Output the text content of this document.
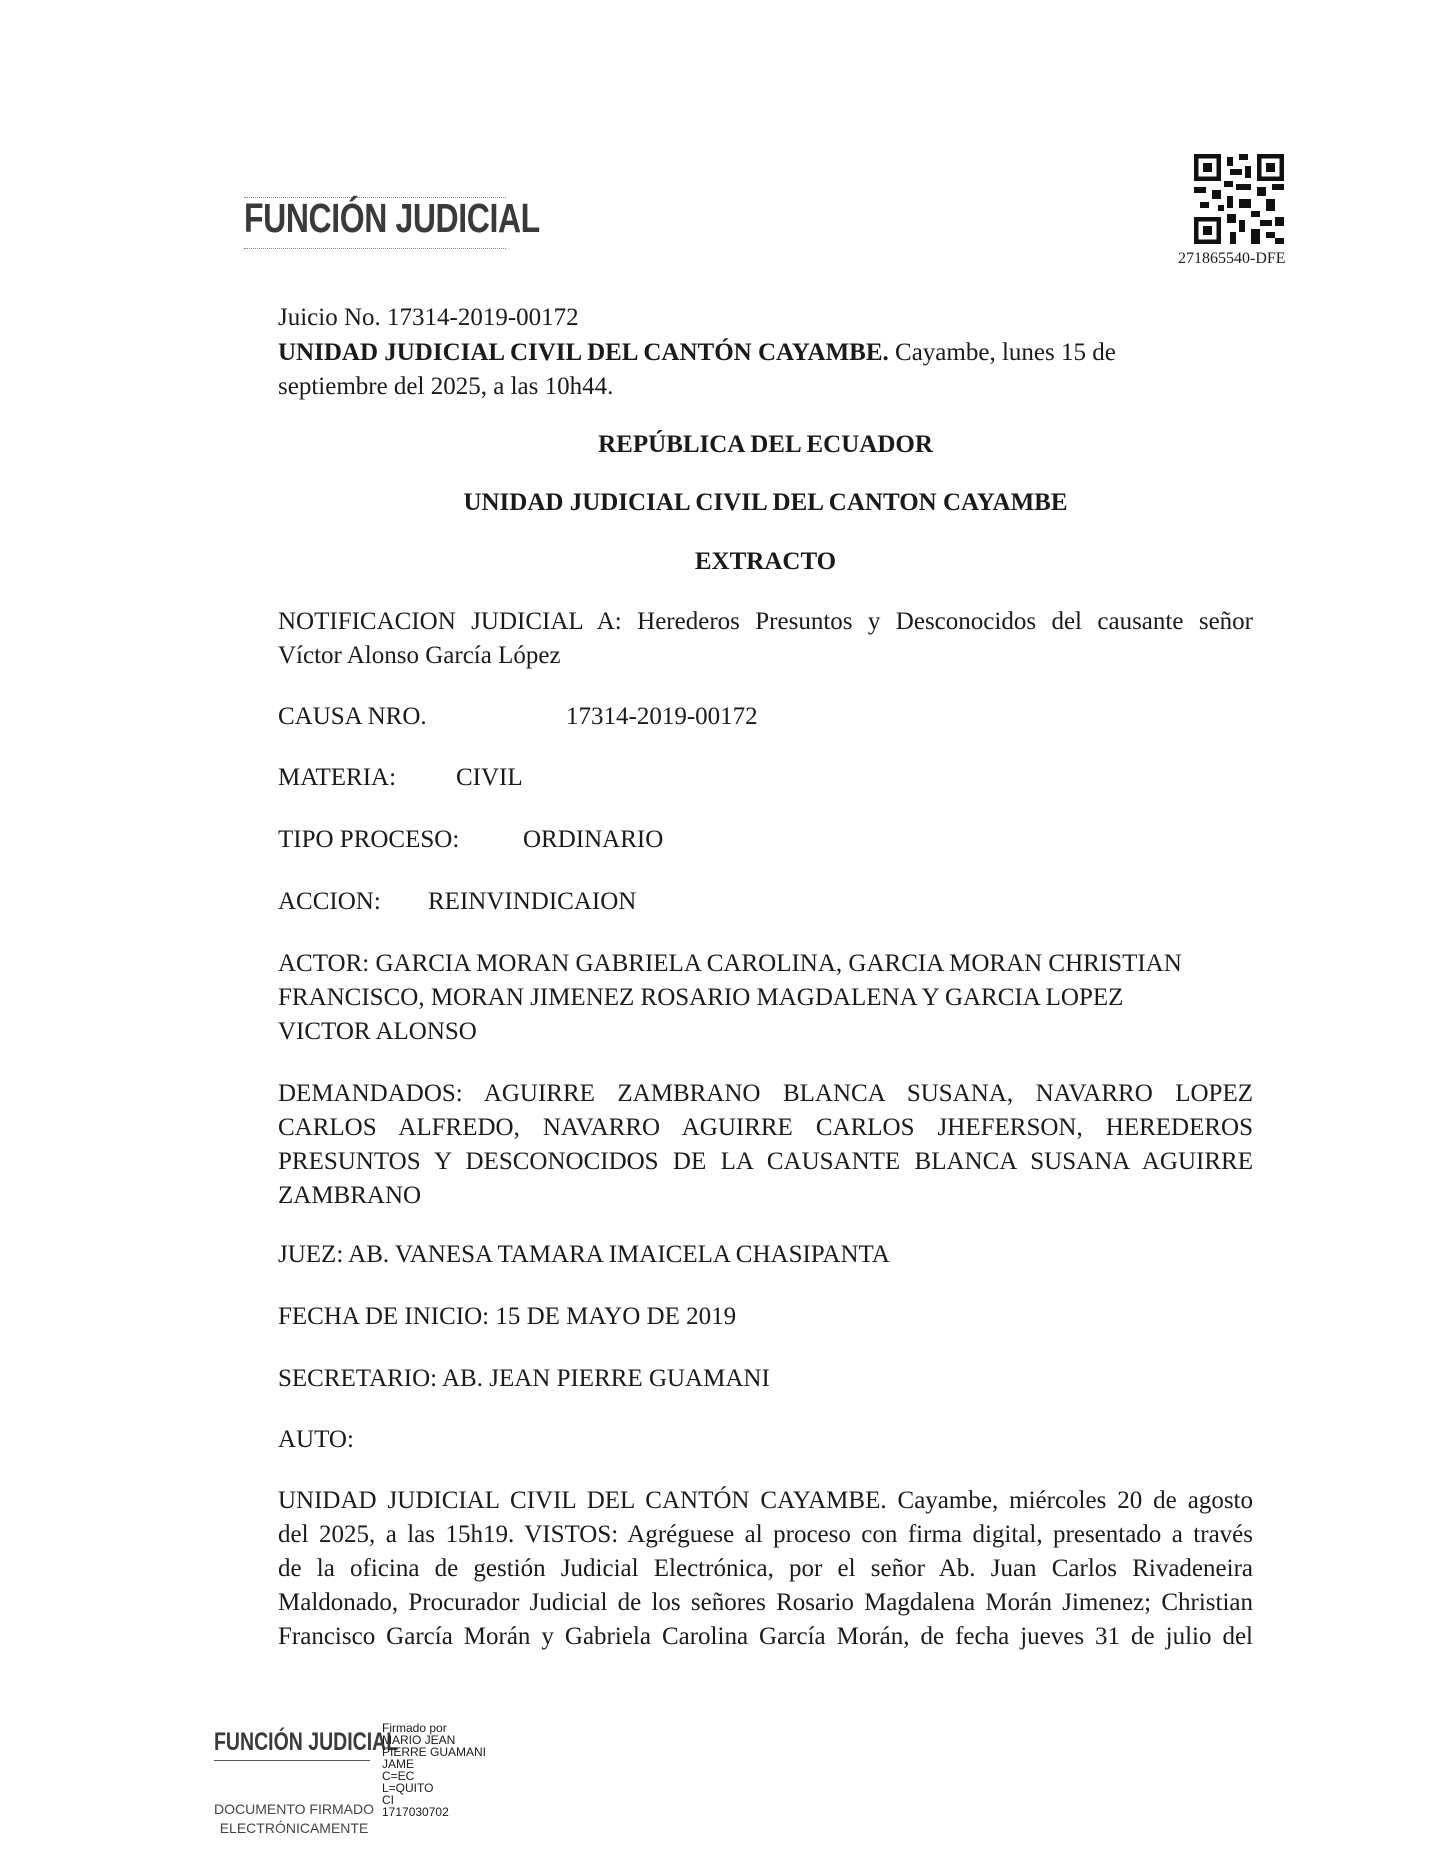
FUNCIÓN JUDICIAL
271865540-DFE
Juicio No. 17314-2019-00172
UNIDAD JUDICIAL CIVIL DEL CANTÓN CAYAMBE. Cayambe, lunes 15 de
septiembre del 2025, a las 10h44.
REPÚBLICA DEL ECUADOR
UNIDAD JUDICIAL CIVIL DEL CANTON CAYAMBE
EXTRACTO
NOTIFICACION JUDICIAL A: Herederos Presuntos y Desconocidos del causante señor
Víctor Alonso García López
CAUSA NRO.	17314-2019-00172
MATERIA: CIVIL
TIPO PROCESO:	ORDINARIO
ACCION: REINVINDICAION
ACTOR: GARCIA MORAN GABRIELA CAROLINA, GARCIA MORAN CHRISTIAN
FRANCISCO, MORAN JIMENEZ ROSARIO MAGDALENA Y GARCIA LOPEZ
VICTOR ALONSO
DEMANDADOS: AGUIRRE ZAMBRANO BLANCA SUSANA, NAVARRO LOPEZ
CARLOS ALFREDO, NAVARRO AGUIRRE CARLOS JHEFERSON, HEREDEROS
PRESUNTOS Y DESCONOCIDOS DE LA CAUSANTE BLANCA SUSANA AGUIRRE
ZAMBRANO
JUEZ: AB. VANESA TAMARA IMAICELA CHASIPANTA
FECHA DE INICIO: 15 DE MAYO DE 2019
SECRETARIO: AB. JEAN PIERRE GUAMANI
AUTO:
UNIDAD JUDICIAL CIVIL DEL CANTÓN CAYAMBE. Cayambe, miércoles 20 de agosto
del 2025, a las 15h19. VISTOS: Agréguese al proceso con firma digital, presentado a través
de la oficina de gestión Judicial Electrónica, por el señor Ab. Juan Carlos Rivadeneira
Maldonado, Procurador Judicial de los señores Rosario Magdalena Morán Jimenez; Christian
Francisco García Morán y Gabriela Carolina García Morán, de fecha jueves 31 de julio del
FUNCIÓN JUDICIAL
DOCUMENTO FIRMADO
ELECTRÓNICAMENTE
Firmado por
MARIO JEAN
PIERRE GUAMANI
JAME
C=EC
L=QUITO
CI
1717030702
